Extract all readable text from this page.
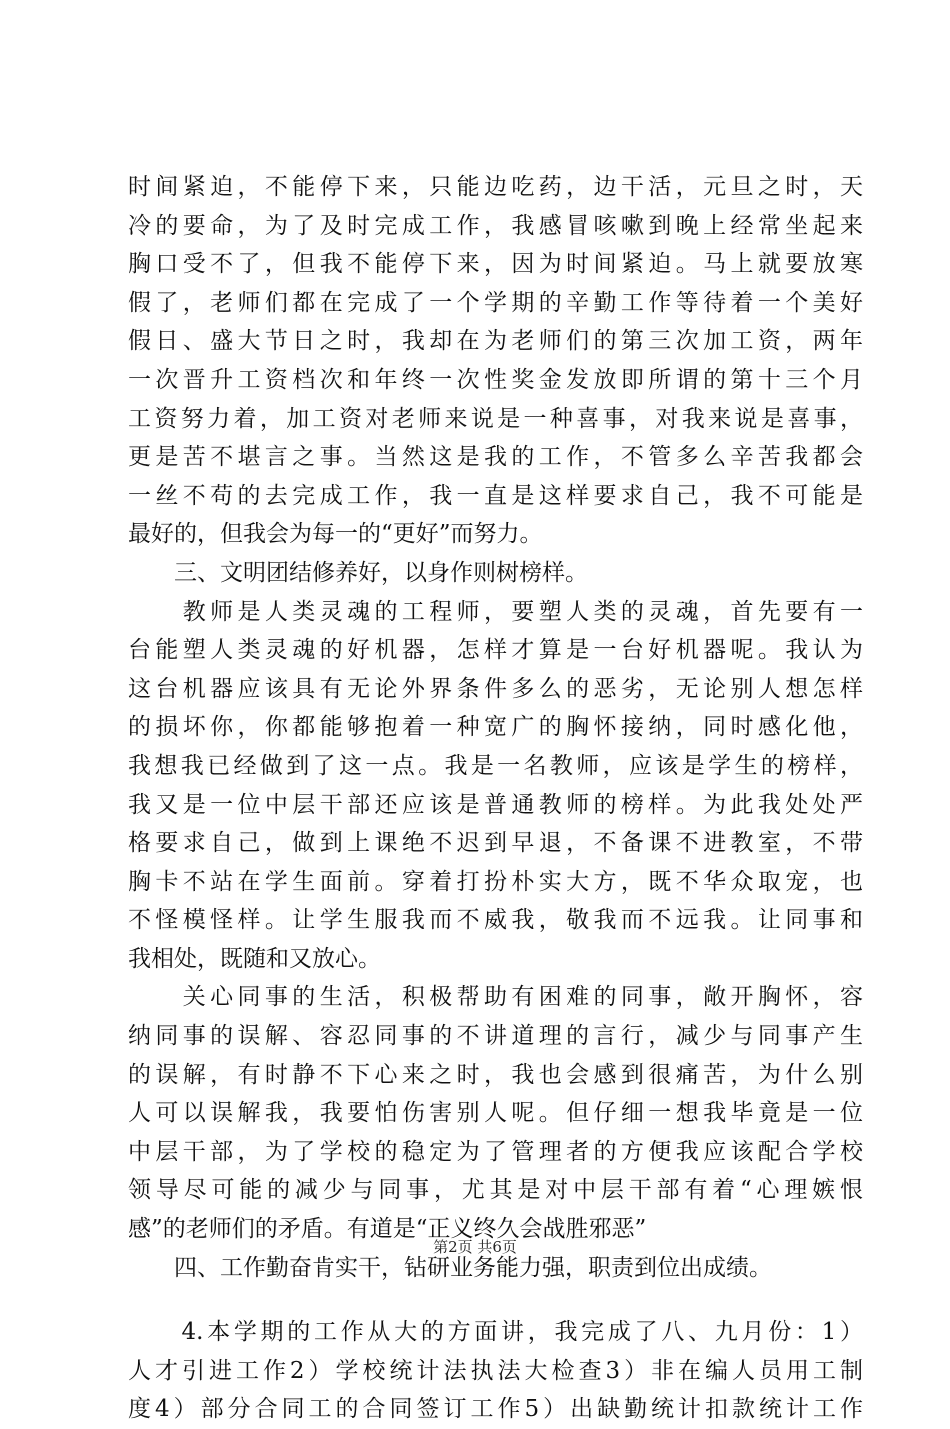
时间紧迫，不能停下来，只能边吃药，边干活，元旦之时，天
冷的要命，为了及时完成工作，我感冒咳嗽到晚上经常坐起来
胸口受不了，但我不能停下来，因为时间紧迫。马上就要放寒
假了，老师们都在完成了一个学期的辛勤工作等待着一个美好
假日、盛大节日之时，我却在为老师们的第三次加工资，两年
一次晋升工资档次和年终一次性奖金发放即所谓的第十三个月
工资努力着，加工资对老师来说是一种喜事，对我来说是喜事，
更是苦不堪言之事。当然这是我的工作，不管多么辛苦我都会
一丝不苟的去完成工作，我一直是这样要求自己，我不可能是
最好的，但我会为每一的“更好”而努力。
　　三、文明团结修养好，以身作则树榜样。
　　教师是人类灵魂的工程师，要塑人类的灵魂，首先要有一
台能塑人类灵魂的好机器，怎样才算是一台好机器呢。我认为
这台机器应该具有无论外界条件多么的恶劣，无论别人想怎样
的损坏你，你都能够抱着一种宽广的胸怀接纳，同时感化他，
我想我已经做到了这一点。我是一名教师，应该是学生的榜样，
我又是一位中层干部还应该是普通教师的榜样。为此我处处严
格要求自己，做到上课绝不迟到早退，不备课不进教室，不带
胸卡不站在学生面前。穿着打扮朴实大方，既不华众取宠，也
不怪模怪样。让学生服我而不威我，敬我而不远我。让同事和
我相处，既随和又放心。
　　关心同事的生活，积极帮助有困难的同事，敞开胸怀，容
纳同事的误解、容忍同事的不讲道理的言行，减少与同事产生
的误解，有时静不下心来之时，我也会感到很痛苦，为什么别
人可以误解我，我要怕伤害别人呢。但仔细一想我毕竟是一位
中层干部，为了学校的稳定为了管理者的方便我应该配合学校
领导尽可能的减少与同事，尤其是对中层干部有着“心理嫉恨
感”的老师们的矛盾。有道是“正义终久会战胜邪恶”
　　四、工作勤奋肯实干，钻研业务能力强，职责到位出成绩。
　　4.本学期的工作从大的方面讲，我完成了八、九月份：1）
人才引进工作2）学校统计法执法大检查3）非在编人员用工制
度4）部分合同工的合同签订工作5）出缺勤统计扣款统计工作
第2页 共6页
